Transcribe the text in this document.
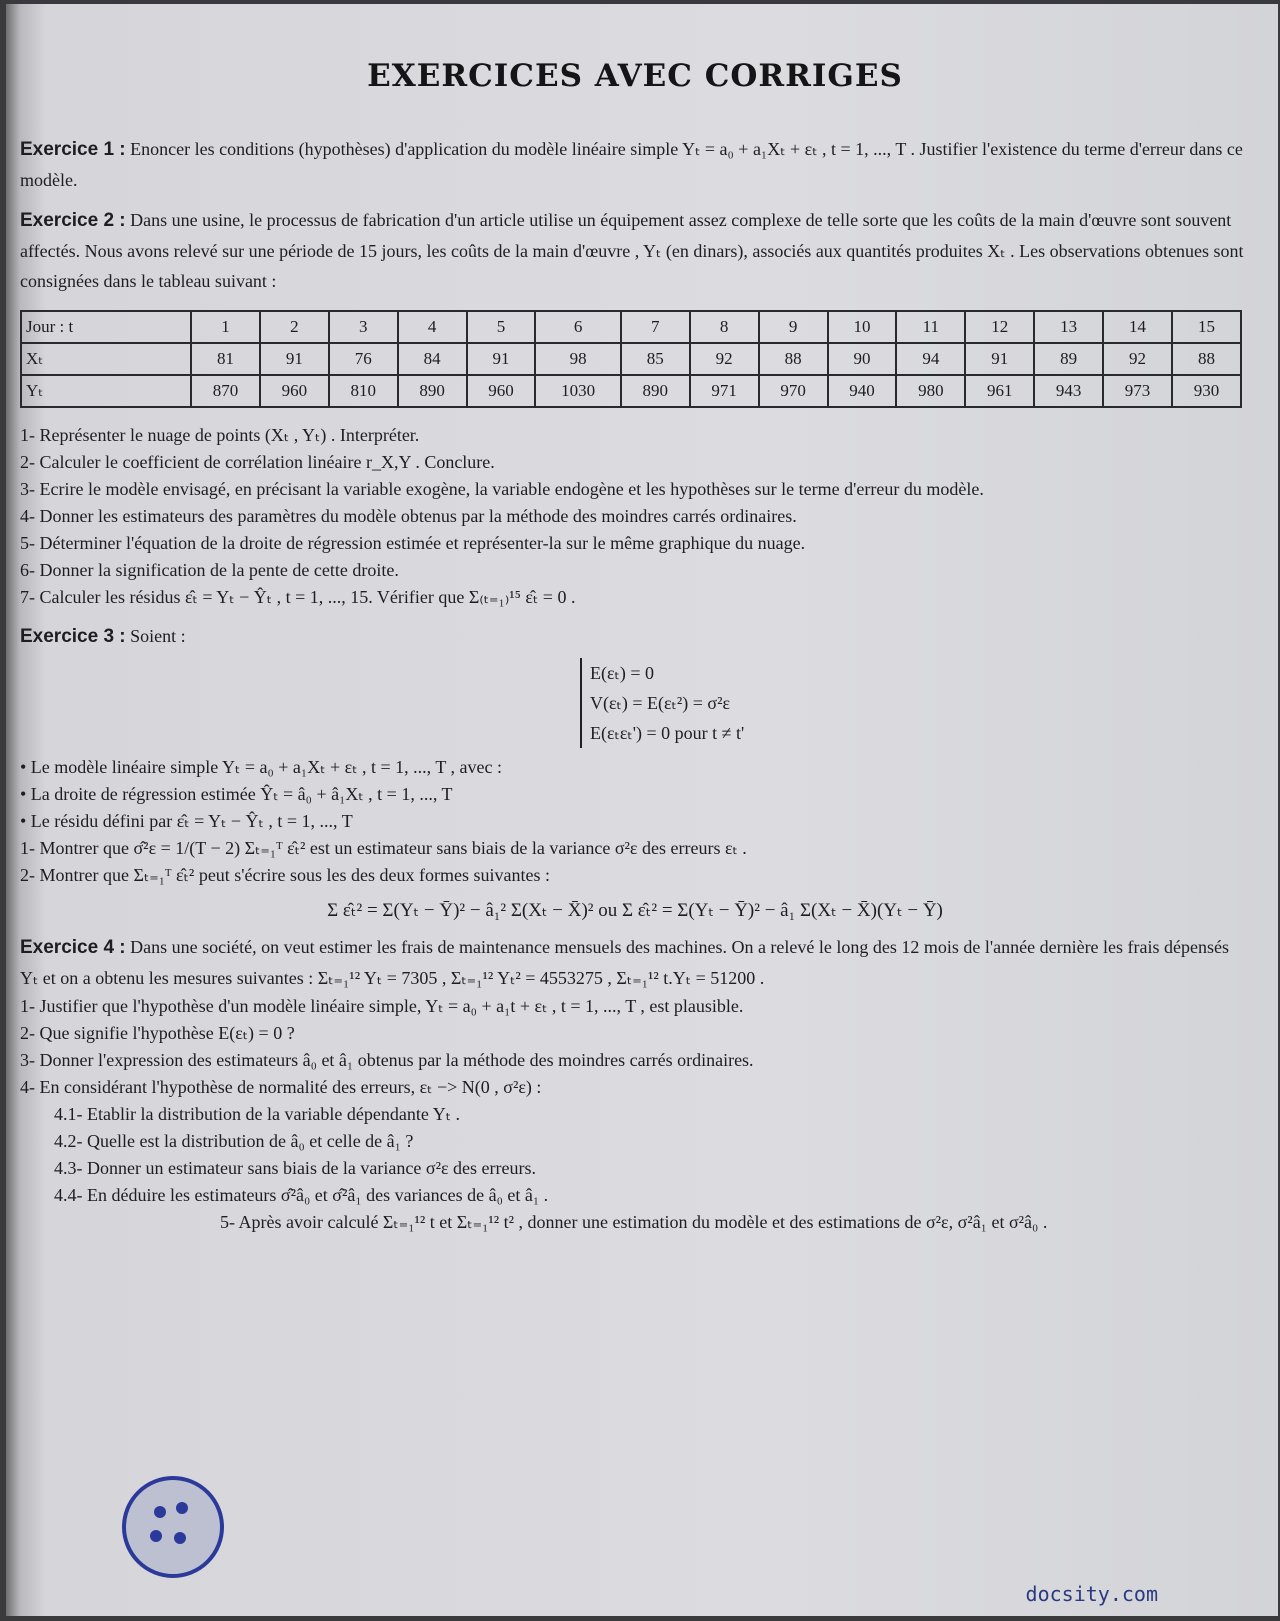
EXERCICES AVEC CORRIGES

Exercice 1 : Enoncer les conditions (hypothèses) d'application du modèle linéaire simple Yₜ = a₀ + a₁Xₜ + εₜ , t = 1, ..., T . Justifier l'existence du terme d'erreur dans ce modèle.

Exercice 2 : Dans une usine, le processus de fabrication d'un article utilise un équipement assez complexe de telle sorte que les coûts de la main d'œuvre sont souvent affectés. Nous avons relevé sur une période de 15 jours, les coûts de la main d'œuvre , Yₜ (en dinars), associés aux quantités produites Xₜ . Les observations obtenues sont consignées dans le tableau suivant :

Jour : t	1	2	3	4	5	6	7	8	9	10	11	12	13	14	15
Xₜ	81	91	76	84	91	98	85	92	88	90	94	91	89	92	88
Yₜ	870	960	810	890	960	1030	890	971	970	940	980	961	943	973	930
1- Représenter le nuage de points (Xₜ , Yₜ) . Interpréter.
2- Calculer le coefficient de corrélation linéaire r_X,Y . Conclure.
3- Ecrire le modèle envisagé, en précisant la variable exogène, la variable endogène et les hypothèses sur le terme d'erreur du modèle.
4- Donner les estimateurs des paramètres du modèle obtenus par la méthode des moindres carrés ordinaires.
5- Déterminer l'équation de la droite de régression estimée et représenter-la sur le même graphique du nuage.
6- Donner la signification de la pente de cette droite.
7- Calculer les résidus ε̂ₜ = Yₜ − Ŷₜ , t = 1, ..., 15. Vérifier que Σ₍ₜ₌₁₎¹⁵ ε̂ₜ = 0 .

Exercice 3 : Soient :

E(εₜ) = 0
V(εₜ) = E(εₜ²) = σ²ε
E(εₜεₜ') = 0 pour t ≠ t'
• Le modèle linéaire simple Yₜ = a₀ + a₁Xₜ + εₜ , t = 1, ..., T , avec :
• La droite de régression estimée Ŷₜ = â₀ + â₁Xₜ , t = 1, ..., T
• Le résidu défini par ε̂ₜ = Yₜ − Ŷₜ , t = 1, ..., T
1- Montrer que σ̂²ε = 1/(T − 2) Σₜ₌₁ᵀ ε̂ₜ² est un estimateur sans biais de la variance σ²ε des erreurs εₜ .
2- Montrer que Σₜ₌₁ᵀ ε̂ₜ² peut s'écrire sous les des deux formes suivantes :
Σ ε̂ₜ² = Σ(Yₜ − Ȳ)² − â₁² Σ(Xₜ − X̄)² ou Σ ε̂ₜ² = Σ(Yₜ − Ȳ)² − â₁ Σ(Xₜ − X̄)(Yₜ − Ȳ)

Exercice 4 : Dans une société, on veut estimer les frais de maintenance mensuels des machines. On a relevé le long des 12 mois de l'année dernière les frais dépensés Yₜ et on a obtenu les mesures suivantes : Σₜ₌₁¹² Yₜ = 7305 , Σₜ₌₁¹² Yₜ² = 4553275 , Σₜ₌₁¹² t.Yₜ = 51200 .

1- Justifier que l'hypothèse d'un modèle linéaire simple, Yₜ = a₀ + a₁t + εₜ , t = 1, ..., T , est plausible.
2- Que signifie l'hypothèse E(εₜ) = 0 ?
3- Donner l'expression des estimateurs â₀ et â₁ obtenus par la méthode des moindres carrés ordinaires.
4- En considérant l'hypothèse de normalité des erreurs, εₜ −> N(0 , σ²ε) :
4.1- Etablir la distribution de la variable dépendante Yₜ .
4.2- Quelle est la distribution de â₀ et celle de â₁ ?
4.3- Donner un estimateur sans biais de la variance σ²ε des erreurs.
4.4- En déduire les estimateurs σ̂²â₀ et σ̂²â₁ des variances de â₀ et â₁ .
5- Après avoir calculé Σₜ₌₁¹² t et Σₜ₌₁¹² t² , donner une estimation du modèle et des estimations de σ²ε, σ²â₁ et σ²â₀ .
docsity.com
